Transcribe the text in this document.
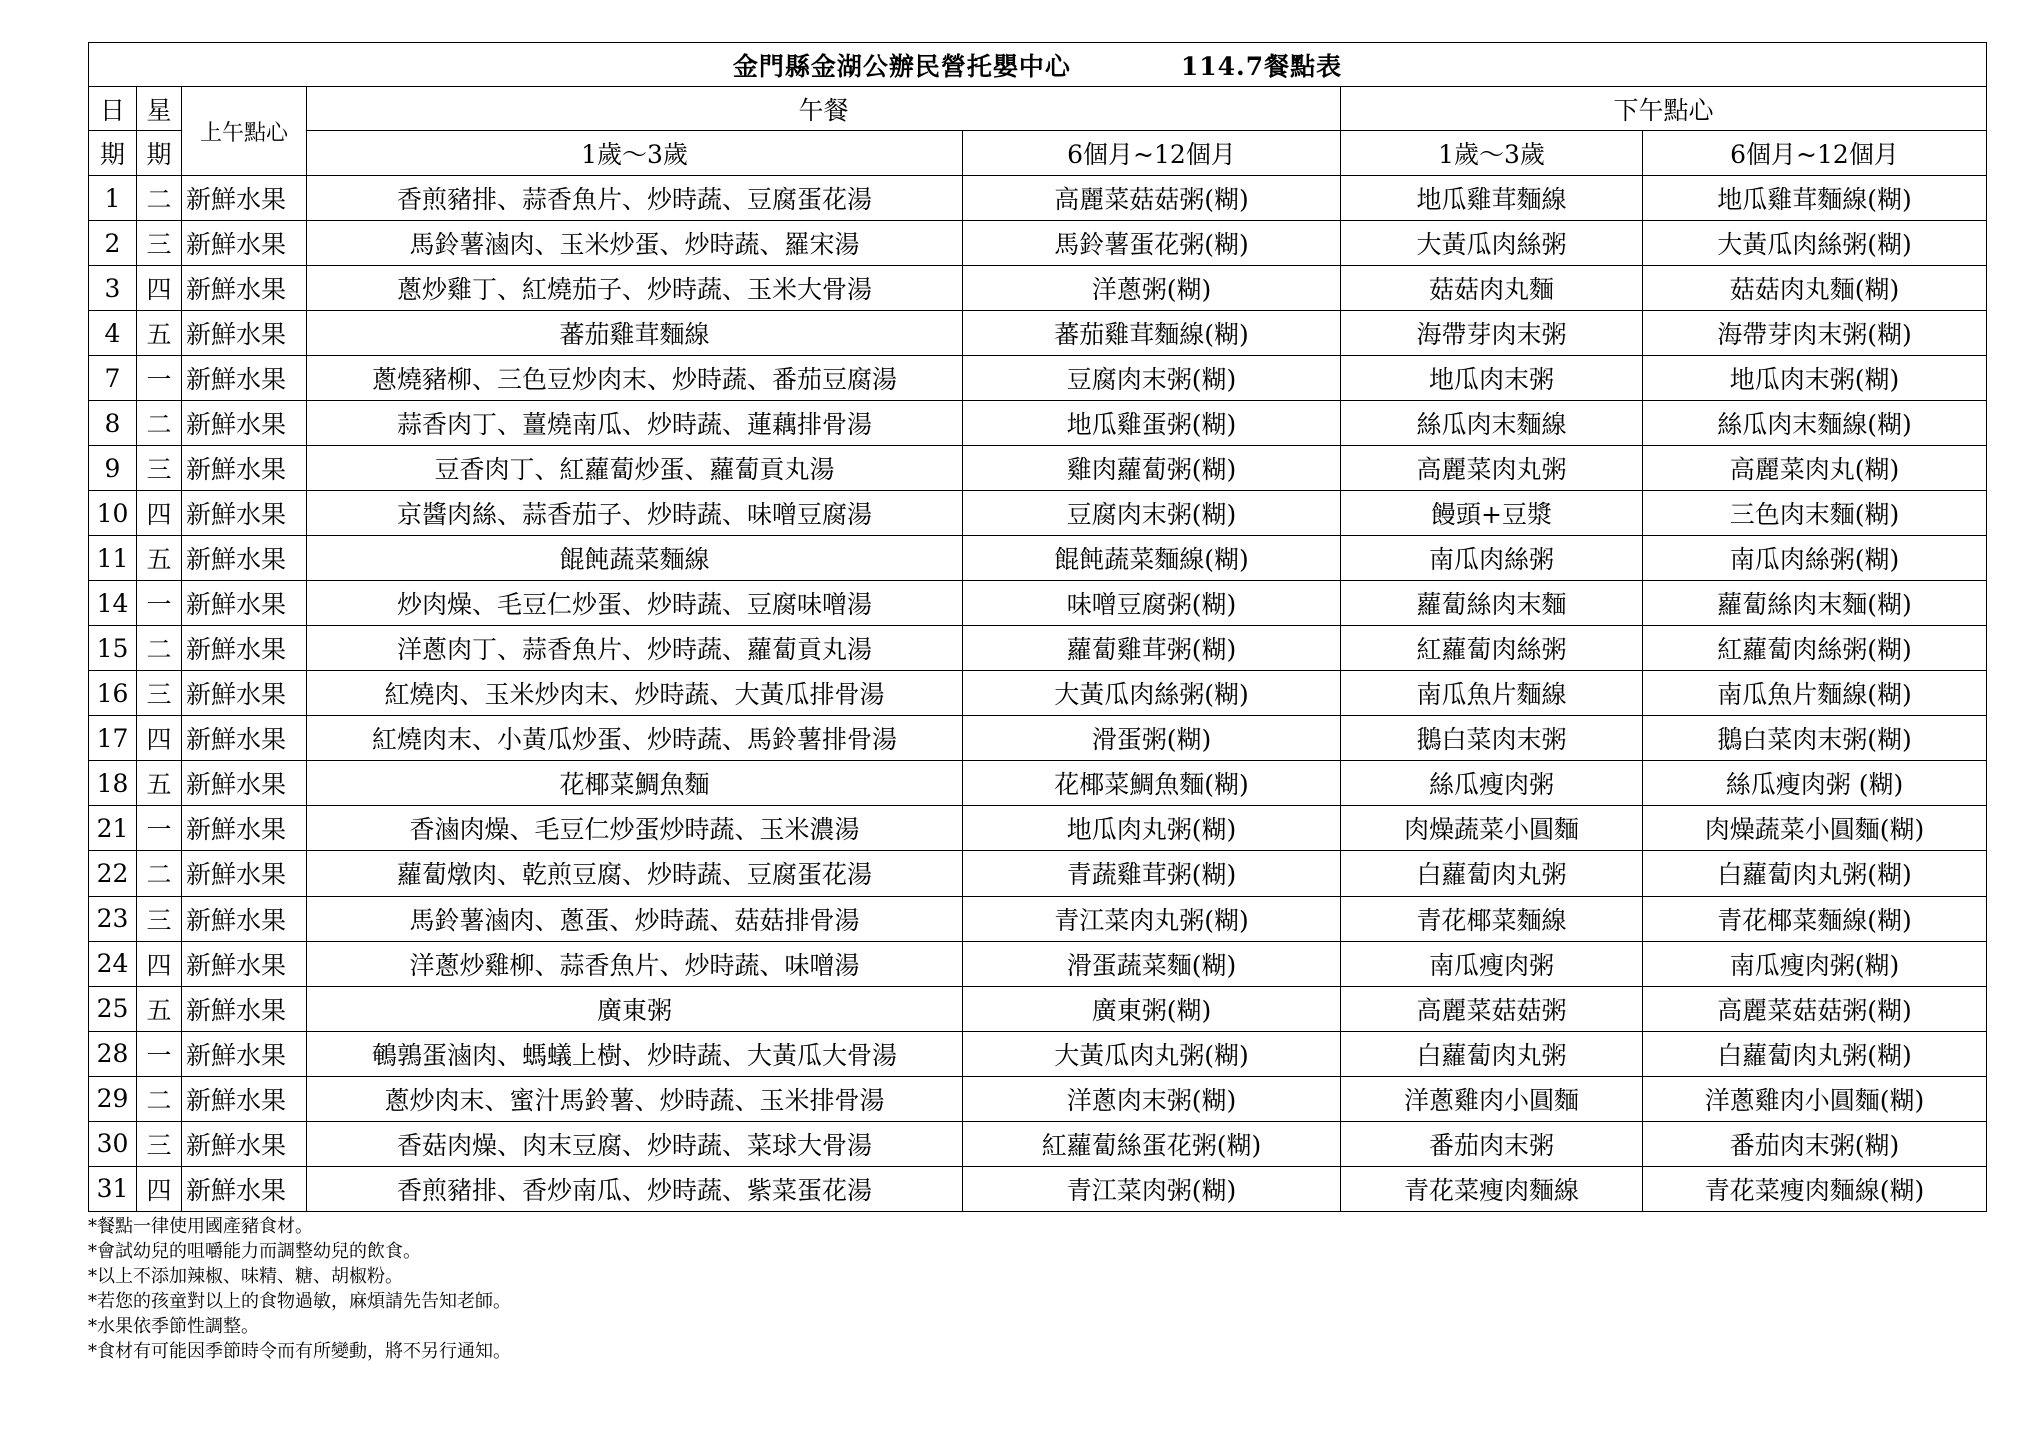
金門縣金湖公辦民營托嬰中心 114.7餐點表						
日	星	上午點心	午餐		下午點心	
期	期		1歲～3歲	6個月~12個月	1歲～3歲	6個月~12個月
1	二	新鮮水果	香煎豬排、蒜香魚片、炒時蔬、豆腐蛋花湯	高麗菜菇菇粥(糊)	地瓜雞茸麵線	地瓜雞茸麵線(糊)
2	三	新鮮水果	馬鈴薯滷肉、玉米炒蛋、炒時蔬、羅宋湯	馬鈴薯蛋花粥(糊)	大黃瓜肉絲粥	大黃瓜肉絲粥(糊)
3	四	新鮮水果	蔥炒雞丁、紅燒茄子、炒時蔬、玉米大骨湯	洋蔥粥(糊)	菇菇肉丸麵	菇菇肉丸麵(糊)
4	五	新鮮水果	蕃茄雞茸麵線	蕃茄雞茸麵線(糊)	海帶芽肉末粥	海帶芽肉末粥(糊)
7	一	新鮮水果	蔥燒豬柳、三色豆炒肉末、炒時蔬、番茄豆腐湯	豆腐肉末粥(糊)	地瓜肉末粥	地瓜肉末粥(糊)
8	二	新鮮水果	蒜香肉丁、薑燒南瓜、炒時蔬、蓮藕排骨湯	地瓜雞蛋粥(糊)	絲瓜肉末麵線	絲瓜肉末麵線(糊)
9	三	新鮮水果	豆香肉丁、紅蘿蔔炒蛋、蘿蔔貢丸湯	雞肉蘿蔔粥(糊)	高麗菜肉丸粥	高麗菜肉丸(糊)
10	四	新鮮水果	京醬肉絲、蒜香茄子、炒時蔬、味噌豆腐湯	豆腐肉末粥(糊)	饅頭+豆漿	三色肉末麵(糊)
11	五	新鮮水果	餛飩蔬菜麵線	餛飩蔬菜麵線(糊)	南瓜肉絲粥	南瓜肉絲粥(糊)
14	一	新鮮水果	炒肉燥、毛豆仁炒蛋、炒時蔬、豆腐味噌湯	味噌豆腐粥(糊)	蘿蔔絲肉末麵	蘿蔔絲肉末麵(糊)
15	二	新鮮水果	洋蔥肉丁、蒜香魚片、炒時蔬、蘿蔔貢丸湯	蘿蔔雞茸粥(糊)	紅蘿蔔肉絲粥	紅蘿蔔肉絲粥(糊)
16	三	新鮮水果	紅燒肉、玉米炒肉末、炒時蔬、大黃瓜排骨湯	大黃瓜肉絲粥(糊)	南瓜魚片麵線	南瓜魚片麵線(糊)
17	四	新鮮水果	紅燒肉末、小黃瓜炒蛋、炒時蔬、馬鈴薯排骨湯	滑蛋粥(糊)	鵝白菜肉末粥	鵝白菜肉末粥(糊)
18	五	新鮮水果	花椰菜鯛魚麵	花椰菜鯛魚麵(糊)	絲瓜瘦肉粥	絲瓜瘦肉粥 (糊)
21	一	新鮮水果	香滷肉燥、毛豆仁炒蛋炒時蔬、玉米濃湯	地瓜肉丸粥(糊)	肉燥蔬菜小圓麵	肉燥蔬菜小圓麵(糊)
22	二	新鮮水果	蘿蔔燉肉、乾煎豆腐、炒時蔬、豆腐蛋花湯	青蔬雞茸粥(糊)	白蘿蔔肉丸粥	白蘿蔔肉丸粥(糊)
23	三	新鮮水果	馬鈴薯滷肉、蔥蛋、炒時蔬、菇菇排骨湯	青江菜肉丸粥(糊)	青花椰菜麵線	青花椰菜麵線(糊)
24	四	新鮮水果	洋蔥炒雞柳、蒜香魚片、炒時蔬、味噌湯	滑蛋蔬菜麵(糊)	南瓜瘦肉粥	南瓜瘦肉粥(糊)
25	五	新鮮水果	廣東粥	廣東粥(糊)	高麗菜菇菇粥	高麗菜菇菇粥(糊)
28	一	新鮮水果	鵪鶉蛋滷肉、螞蟻上樹、炒時蔬、大黃瓜大骨湯	大黃瓜肉丸粥(糊)	白蘿蔔肉丸粥	白蘿蔔肉丸粥(糊)
29	二	新鮮水果	蔥炒肉末、蜜汁馬鈴薯、炒時蔬、玉米排骨湯	洋蔥肉末粥(糊)	洋蔥雞肉小圓麵	洋蔥雞肉小圓麵(糊)
30	三	新鮮水果	香菇肉燥、肉末豆腐、炒時蔬、菜球大骨湯	紅蘿蔔絲蛋花粥(糊)	番茄肉末粥	番茄肉末粥(糊)
31	四	新鮮水果	香煎豬排、香炒南瓜、炒時蔬、紫菜蛋花湯	青江菜肉粥(糊)	青花菜瘦肉麵線	青花菜瘦肉麵線(糊)
*餐點一律使用國產豬食材。
*會試幼兒的咀嚼能力而調整幼兒的飲食。
*以上不添加辣椒、味精、糖、胡椒粉。
*若您的孩童對以上的食物過敏，麻煩請先告知老師。
*水果依季節性調整。
*食材有可能因季節時令而有所變動，將不另行通知。
